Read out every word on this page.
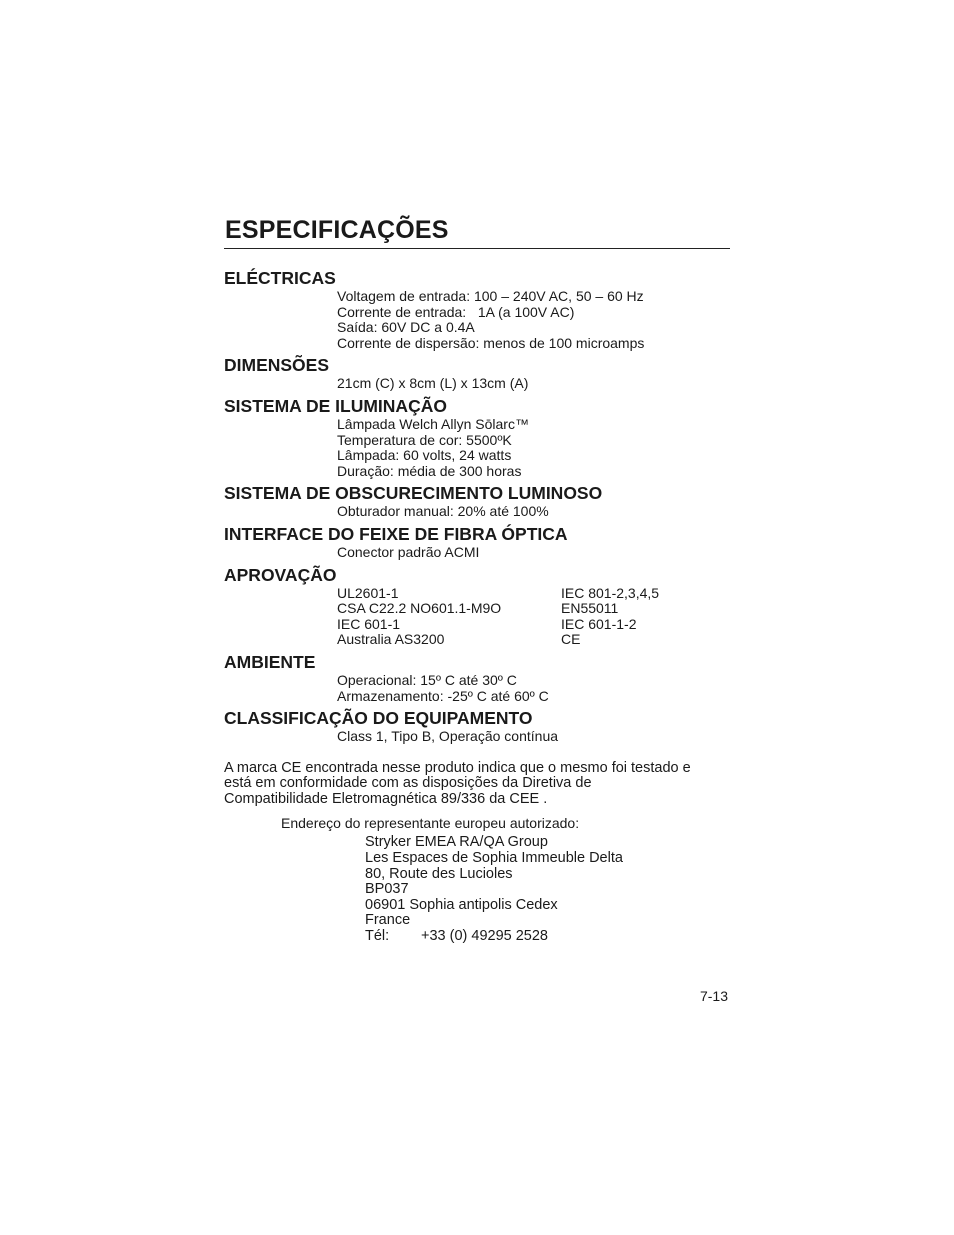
ESPECIFICAÇÕES
ELÉCTRICAS
Voltagem de entrada: 100 – 240V AC, 50 – 60 Hz
Corrente de entrada:   1A (a 100V AC)
Saída: 60V DC a 0.4A
Corrente de dispersão: menos de 100 microamps
DIMENSÕES
21cm (C) x 8cm (L) x 13cm (A)
SISTEMA DE ILUMINAÇÃO
Lâmpada Welch Allyn Sōlarc™
Temperatura de cor: 5500ºK
Lâmpada: 60 volts, 24 watts
Duração: média de 300 horas
SISTEMA DE OBSCURECIMENTO LUMINOSO
Obturador manual: 20% até 100%
INTERFACE DO FEIXE DE FIBRA ÓPTICA
Conector padrão ACMI
APROVAÇÃO
UL2601-1	IEC 801-2,3,4,5
CSA C22.2 NO601.1-M9O	EN55011
IEC 601-1	IEC 601-1-2
Australia AS3200	CE
AMBIENTE
Operacional: 15º C até 30º C
Armazenamento: -25º C até 60º C
CLASSIFICAÇÃO DO EQUIPAMENTO
Class 1, Tipo B, Operação contínua
A marca CE encontrada nesse produto indica que o mesmo foi testado e
está em conformidade com as disposições da Diretiva de
Compatibilidade Eletromagnética 89/336 da CEE .
Endereço do representante europeu autorizado:
Stryker EMEA RA/QA Group
Les Espaces de Sophia Immeuble Delta
80, Route des Lucioles
BP037
06901 Sophia antipolis Cedex
France
Tél:	+33 (0) 49295 2528
7-13
